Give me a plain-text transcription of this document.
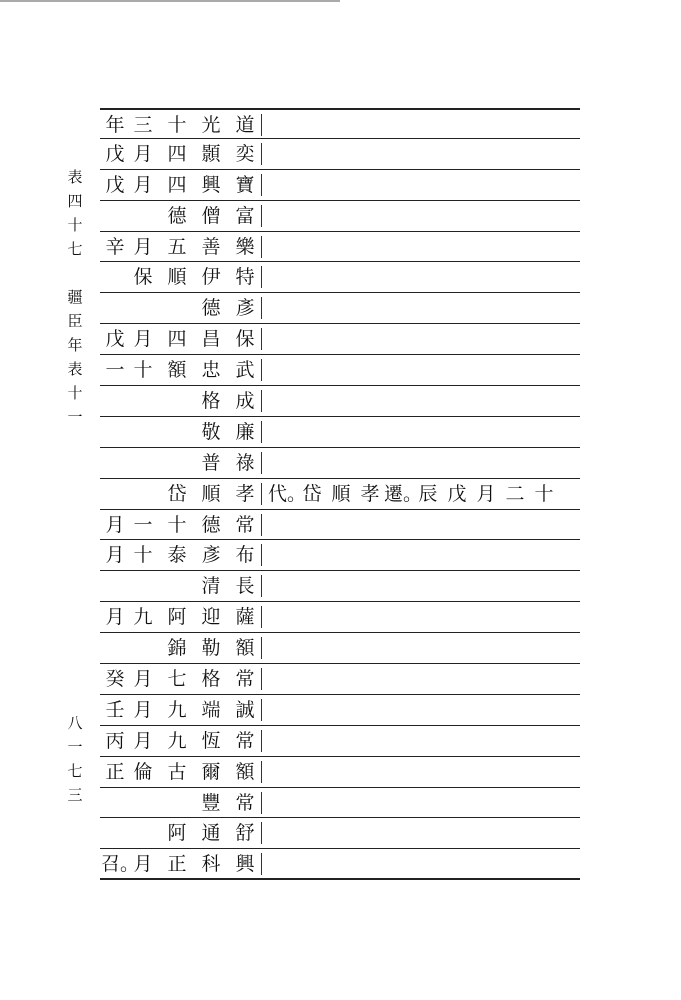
表
四
十
七
疆
臣
年
表
十
一
八
一
七
三
年 三 十 光 道
戊 月 四 顥 奕
戊 月 四 興 寶
德 僧 富
辛 月 五 善 樂
保 順 伊 特
德 彥
戊 月 四 昌 保
一 十 額 忠 武
格 成
敬 廉
普 祿
岱 順 孝 代。
岱 順 孝 遷。
辰 戊 月 二 十
月 一 十 德 常
月 十 泰 彥 布
清 長
月 九 阿 迎 薩
錦 勒 額
癸 月 七 格 常
壬 月 九 端 誠
丙 月 九 恆 常
正 倫 古 爾 額
豐 常
阿 通 舒
召。
月 正 科 興
